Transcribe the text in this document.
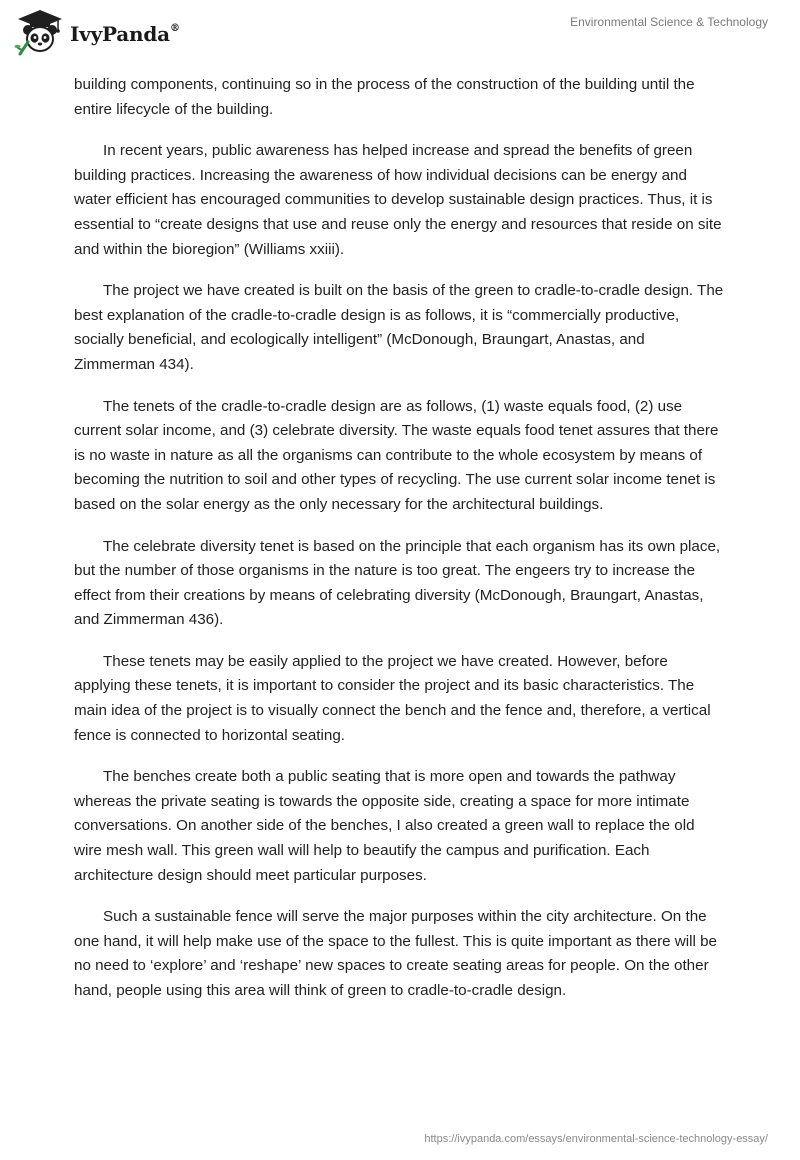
IvyPanda®	Environmental Science & Technology

building components, continuing so in the process of the construction of the building until the entire lifecycle of the building.

In recent years, public awareness has helped increase and spread the benefits of green building practices. Increasing the awareness of how individual decisions can be energy and water efficient has encouraged communities to develop sustainable design practices. Thus, it is essential to “create designs that use and reuse only the energy and resources that reside on site and within the bioregion” (Williams xxiii).

The project we have created is built on the basis of the green to cradle-to-cradle design. The best explanation of the cradle-to-cradle design is as follows, it is “commercially productive, socially beneficial, and ecologically intelligent” (McDonough, Braungart, Anastas, and Zimmerman 434).

The tenets of the cradle-to-cradle design are as follows, (1) waste equals food, (2) use current solar income, and (3) celebrate diversity. The waste equals food tenet assures that there is no waste in nature as all the organisms can contribute to the whole ecosystem by means of becoming the nutrition to soil and other types of recycling. The use current solar income tenet is based on the solar energy as the only necessary for the architectural buildings.

The celebrate diversity tenet is based on the principle that each organism has its own place, but the number of those organisms in the nature is too great. The engeers try to increase the effect from their creations by means of celebrating diversity (McDonough, Braungart, Anastas, and Zimmerman 436).

These tenets may be easily applied to the project we have created. However, before applying these tenets, it is important to consider the project and its basic characteristics. The main idea of the project is to visually connect the bench and the fence and, therefore, a vertical fence is connected to horizontal seating.

The benches create both a public seating that is more open and towards the pathway whereas the private seating is towards the opposite side, creating a space for more intimate conversations. On another side of the benches, I also created a green wall to replace the old wire mesh wall. This green wall will help to beautify the campus and purification. Each architecture design should meet particular purposes.

Such a sustainable fence will serve the major purposes within the city architecture. On the one hand, it will help make use of the space to the fullest. This is quite important as there will be no need to ‘explore’ and ‘reshape’ new spaces to create seating areas for people. On the other hand, people using this area will think of green to cradle-to-cradle design.

https://ivypanda.com/essays/environmental-science-technology-essay/
